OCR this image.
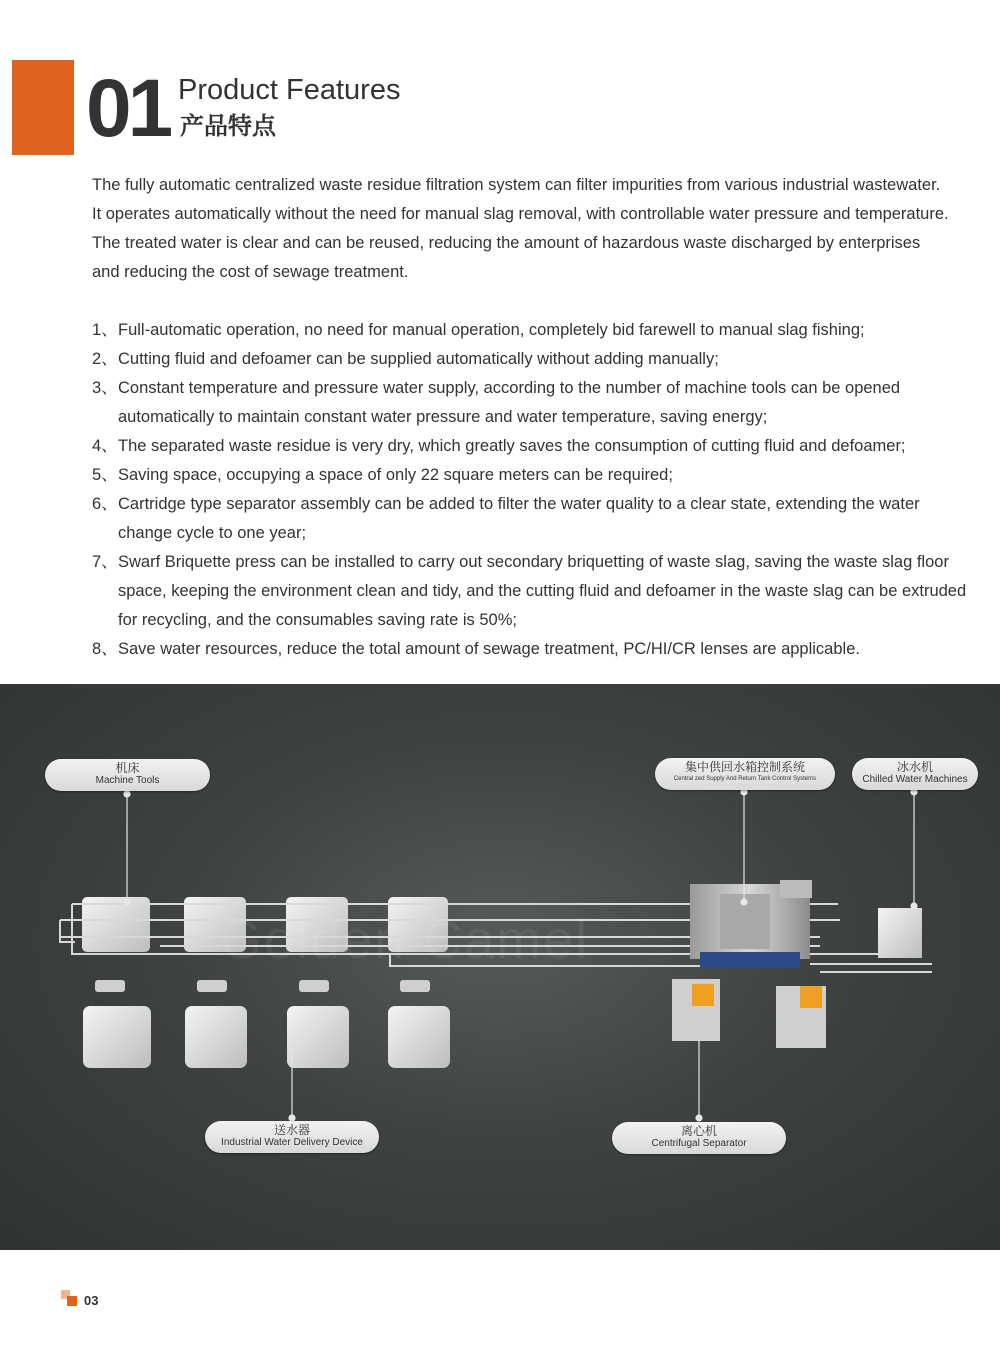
01 Product Features
产品特点

The fully automatic centralized waste residue filtration system can filter impurities from various industrial wastewater. It operates automatically without the need for manual slag removal, with controllable water pressure and temperature. The treated water is clear and can be reused, reducing the amount of hazardous waste discharged by enterprises and reducing the cost of sewage treatment.

1、 Full-automatic operation, no need for manual operation, completely bid farewell to manual slag fishing;
2、 Cutting fluid and defoamer can be supplied automatically without adding manually;
3、 Constant temperature and pressure water supply, according to the number of machine tools can be opened automatically to maintain constant water pressure and water temperature, saving energy;
4、 The separated waste residue is very dry, which greatly saves the consumption of cutting fluid and defoamer;
5、 Saving space, occupying a space of only 22 square meters can be required;
6、 Cartridge type separator assembly can be added to filter the water quality to a clear state, extending the water change cycle to one year;
7、 Swarf Briquette press can be installed to carry out secondary briquetting of waste slag, saving the waste slag floor space, keeping the environment clean and tidy, and the cutting fluid and defoamer in the waste slag can be extruded for recycling, and the consumables saving rate is 50%;
8、 Save water resources, reduce the total amount of sewage treatment, PC/HI/CR lenses are applicable.
Golden Camel
机床
Machine Tools
集中供回水箱控制系统
Central zed Supply And Return Tank Control Systems
冰水机
Chilled Water Machines
送水器
Industrial Water Delivery Device
离心机
Centrifugal Separator
03
